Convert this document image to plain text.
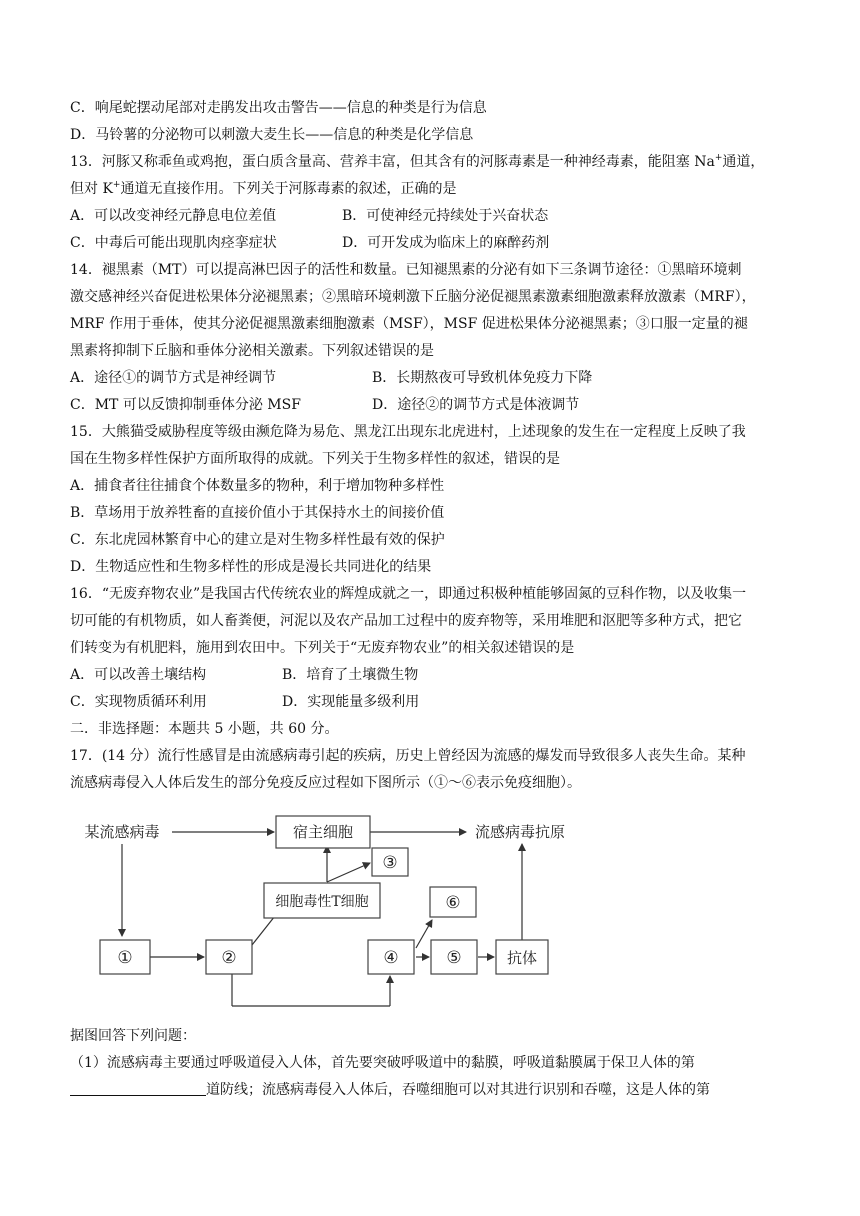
C．响尾蛇摆动尾部对走鹃发出攻击警告——信息的种类是行为信息
D．马铃薯的分泌物可以刺激大麦生长——信息的种类是化学信息
13．河豚又称乖鱼或鸡抱，蛋白质含量高、营养丰富，但其含有的河豚毒素是一种神经毒素，能阻塞 Na+通道，
但对 K+通道无直接作用。下列关于河豚毒素的叙述，正确的是
A．可以改变神经元静息电位差值	B．可使神经元持续处于兴奋状态
C．中毒后可能出现肌肉痉挛症状	D．可开发成为临床上的麻醉药剂
14．褪黑素（MT）可以提高淋巴因子的活性和数量。已知褪黑素的分泌有如下三条调节途径：①黑暗环境刺
激交感神经兴奋促进松果体分泌褪黑素；②黑暗环境刺激下丘脑分泌促褪黑素激素细胞激素释放激素（MRF），
MRF 作用于垂体，使其分泌促褪黑激素细胞激素（MSF），MSF 促进松果体分泌褪黑素；③口服一定量的褪
黑素将抑制下丘脑和垂体分泌相关激素。下列叙述错误的是
A．途径①的调节方式是神经调节	B．长期熬夜可导致机体免疫力下降
C．MT 可以反馈抑制垂体分泌 MSF	D．途径②的调节方式是体液调节
15．大熊猫受威胁程度等级由濒危降为易危、黑龙江出现东北虎进村，上述现象的发生在一定程度上反映了我
国在生物多样性保护方面所取得的成就。下列关于生物多样性的叙述，错误的是
A．捕食者往往捕食个体数量多的物种，利于增加物种多样性
B．草场用于放养牲畜的直接价值小于其保持水土的间接价值
C．东北虎园林繁育中心的建立是对生物多样性最有效的保护
D．生物适应性和生物多样性的形成是漫长共同进化的结果
16．“无废弃物农业”是我国古代传统农业的辉煌成就之一，即通过积极种植能够固氮的豆科作物，以及收集一
切可能的有机物质，如人畜粪便，河泥以及农产品加工过程中的废弃物等，采用堆肥和沤肥等多种方式，把它
们转变为有机肥料，施用到农田中。下列关于“无废弃物农业”的相关叙述错误的是
A．可以改善土壤结构	B．培育了土壤微生物
C．实现物质循环利用	D．实现能量多级利用
二．非选择题：本题共 5 小题，共 60 分。
17．(14 分）流行性感冒是由流感病毒引起的疾病，历史上曾经因为流感的爆发而导致很多人丧失生命。某种
流感病毒侵入人体后发生的部分免疫反应过程如下图所示（①～⑥表示免疫细胞）。
某流感病毒	宿主细胞	流感病毒抗原
③
细胞毒性T细胞	⑥
①	②	④	⑤	抗体
据图回答下列问题：
（1）流感病毒主要通过呼吸道侵入人体，首先要突破呼吸道中的黏膜，呼吸道黏膜属于保卫人体的第
道防线；流感病毒侵入人体后，吞噬细胞可以对其进行识别和吞噬，这是人体的第
